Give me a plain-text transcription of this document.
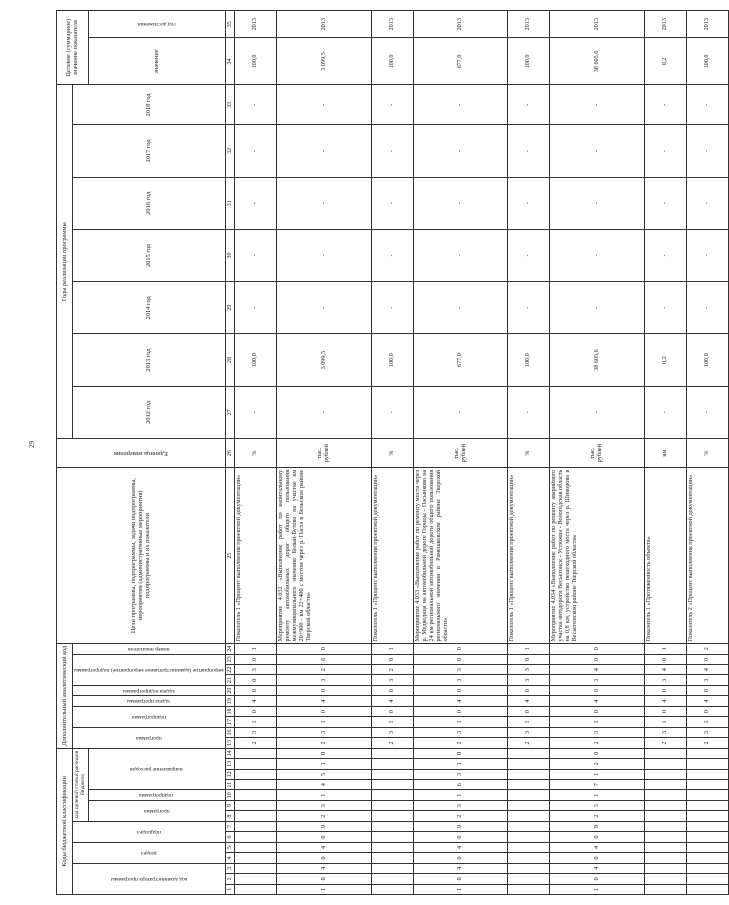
29
Коды бюджетной классификации														Дополнительный аналитический код										Цели программы, подпрограммы, задачи подпрограммы, мероприятия (административные мероприятия) подпрограммы и их показатели	Единица измерения	Годы реализации программы							Целевое (суммарное) значение показателя	

код администратора программы			раздел		подраздел		код целевой статьи расходов бюджета							программа		подпрограмма		задача программы	задача подпрограммы	мероприятие (административное мероприятие) подпрограммы			номер показателя			2012 год	2013 год	2014 год	2015 год	2016 год	2017 год	2018 год		

							программа		подпрограмма	направление расходов																							значение	год достижения

1	2	3	4	5	6	7	8	9	10	11	12	13	14	15	16	17	18	19	20	21	22	23	24	25	26	27	28	29	30	31	32	33	34	35
														2	3	1	0	4	0	0	3	0	1	Показатель 1 «Процент выполнения проектной документации»	%	-	100,0	-	-	-	-	-	100,0	2013
1	0	4	0	4	0	9	2	3	1	4	5	1	0	2	3	1	0	4	0	3	2	6	0	Мероприятие 4.032 «Выполнение работ по капитальному ремонту автомобильных дорог общего пользования межмуниципального значения Белый-Бутово на участке км 20+900 - км 22+400 с мостом через р. Пасха в Бельском районе Тверской области»	тыс. рублей	-	3 099,5	-	-	-	-	-	3 099,5	2013
														2	3	1	0	4	0	3	2	0	1	Показатель 1 «Процент выполнения проектной документации»	%	-	100,0	-	-	-	-	-	100,0	2013
1	0	4	0	4	0	9	2	3	1	6	3	1	0	2	3	1	0	4	0	3	3	0	0	Мероприятие 4.033 «Выполнение работ по ремонту моста через р. Медведица на автомобильной дороге Горицы - Пасынково на 24 км региональной автомобильной дороги общего пользования регионального значения в Рамешковском районе Тверской области»	тыс. рублей	-	677,0	-	-	-	-	-	677,0	2013
														2	3	1	0	4	0	3	3	0	1	Показатель 1 «Процент выполнения проектной документации»	%	-	100,0	-	-	-	-	-	100,0	2013
1	0	4	0	4	0	9	2	3	1	7	1	2	0	2	3	1	0	4	0	3	4	0	0	Мероприятие 4.034 «Выполнение работ по ремонту аварийного участка автодороги Весьегонск - Устюжна - Вологодская область на 0,8 км, устройство пешеходного моста через р. Шиворова в Весьегонском районе Тверской области»	тыс. рублей	-	38 605,6	-	-	-	-	-	38 605,6	2013
														2	3	1	0	4	0	3	4	0	1	Показатель 1 «Протяженность объекта»	км	-	0,2	-	-	-	-	-	0,2	2013
														2	3	1	0	4	0	3	4	0	2	Показатель 2 «Процент выполнения проектной документации»	%	-	100,0	-	-	-	-	-	100,0	2013
